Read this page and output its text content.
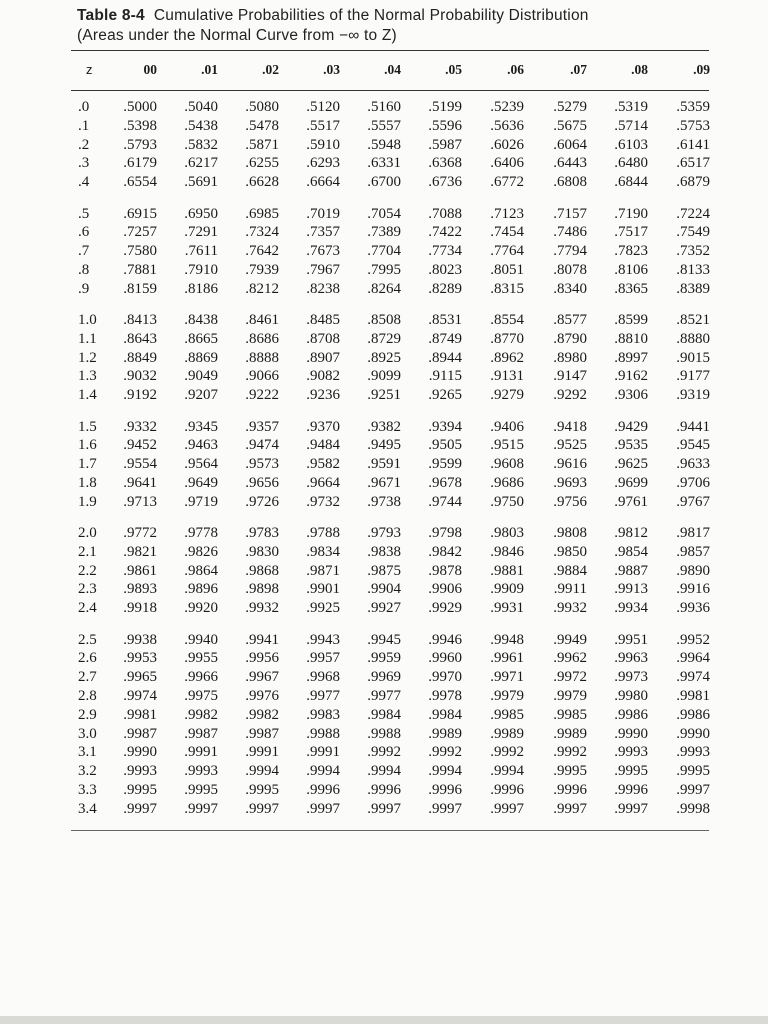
Table 8-4 Cumulative Probabilities of the Normal Probability Distribution
(Areas under the Normal Curve from −∞ to Z)
z	00	.01	.02	.03	.04	.05	.06	.07	.08	.09
.0	.5000	.5040	.5080	.5120	.5160	.5199	.5239	.5279	.5319	.5359
.1	.5398	.5438	.5478	.5517	.5557	.5596	.5636	.5675	.5714	.5753
.2	.5793	.5832	.5871	.5910	.5948	.5987	.6026	.6064	.6103	.6141
.3	.6179	.6217	.6255	.6293	.6331	.6368	.6406	.6443	.6480	.6517
.4	.6554	.5691	.6628	.6664	.6700	.6736	.6772	.6808	.6844	.6879
.5	.6915	.6950	.6985	.7019	.7054	.7088	.7123	.7157	.7190	.7224
.6	.7257	.7291	.7324	.7357	.7389	.7422	.7454	.7486	.7517	.7549
.7	.7580	.7611	.7642	.7673	.7704	.7734	.7764	.7794	.7823	.7352
.8	.7881	.7910	.7939	.7967	.7995	.8023	.8051	.8078	.8106	.8133
.9	.8159	.8186	.8212	.8238	.8264	.8289	.8315	.8340	.8365	.8389
1.0	.8413	.8438	.8461	.8485	.8508	.8531	.8554	.8577	.8599	.8521
1.1	.8643	.8665	.8686	.8708	.8729	.8749	.8770	.8790	.8810	.8880
1.2	.8849	.8869	.8888	.8907	.8925	.8944	.8962	.8980	.8997	.9015
1.3	.9032	.9049	.9066	.9082	.9099	.9115	.9131	.9147	.9162	.9177
1.4	.9192	.9207	.9222	.9236	.9251	.9265	.9279	.9292	.9306	.9319
1.5	.9332	.9345	.9357	.9370	.9382	.9394	.9406	.9418	.9429	.9441
1.6	.9452	.9463	.9474	.9484	.9495	.9505	.9515	.9525	.9535	.9545
1.7	.9554	.9564	.9573	.9582	.9591	.9599	.9608	.9616	.9625	.9633
1.8	.9641	.9649	.9656	.9664	.9671	.9678	.9686	.9693	.9699	.9706
1.9	.9713	.9719	.9726	.9732	.9738	.9744	.9750	.9756	.9761	.9767
2.0	.9772	.9778	.9783	.9788	.9793	.9798	.9803	.9808	.9812	.9817
2.1	.9821	.9826	.9830	.9834	.9838	.9842	.9846	.9850	.9854	.9857
2.2	.9861	.9864	.9868	.9871	.9875	.9878	.9881	.9884	.9887	.9890
2.3	.9893	.9896	.9898	.9901	.9904	.9906	.9909	.9911	.9913	.9916
2.4	.9918	.9920	.9932	.9925	.9927	.9929	.9931	.9932	.9934	.9936
2.5	.9938	.9940	.9941	.9943	.9945	.9946	.9948	.9949	.9951	.9952
2.6	.9953	.9955	.9956	.9957	.9959	.9960	.9961	.9962	.9963	.9964
2.7	.9965	.9966	.9967	.9968	.9969	.9970	.9971	.9972	.9973	.9974
2.8	.9974	.9975	.9976	.9977	.9977	.9978	.9979	.9979	.9980	.9981
2.9	.9981	.9982	.9982	.9983	.9984	.9984	.9985	.9985	.9986	.9986
3.0	.9987	.9987	.9987	.9988	.9988	.9989	.9989	.9989	.9990	.9990
3.1	.9990	.9991	.9991	.9991	.9992	.9992	.9992	.9992	.9993	.9993
3.2	.9993	.9993	.9994	.9994	.9994	.9994	.9994	.9995	.9995	.9995
3.3	.9995	.9995	.9995	.9996	.9996	.9996	.9996	.9996	.9996	.9997
3.4	.9997	.9997	.9997	.9997	.9997	.9997	.9997	.9997	.9997	.9998
